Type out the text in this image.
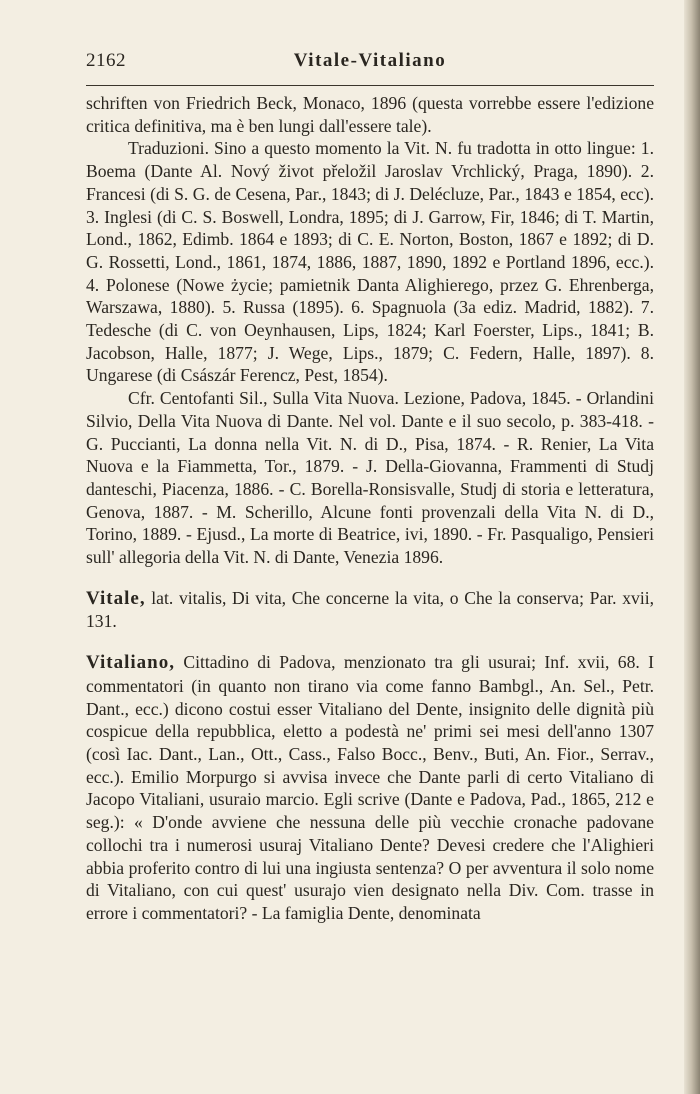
2162	Vitale-Vitaliano

schriften von Friedrich Beck, Monaco, 1896 (questa vorrebbe essere l'edizione critica definitiva, ma è ben lungi dall'essere tale).

Traduzioni. Sino a questo momento la Vit. N. fu tradotta in otto lingue: 1. Boema (Dante Al. Nový život přeložil Jaroslav Vrchlický, Praga, 1890). 2. Francesi (di S. G. de Cesena, Par., 1843; di J. Delécluze, Par., 1843 e 1854, ecc). 3. Inglesi (di C. S. Boswell, Londra, 1895; di J. Garrow, Fir, 1846; di T. Martin, Lond., 1862, Edimb. 1864 e 1893; di C. E. Norton, Boston, 1867 e 1892; di D. G. Rossetti, Lond., 1861, 1874, 1886, 1887, 1890, 1892 e Portland 1896, ecc.). 4. Polonese (Nowe życie; pamietnik Danta Alighierego, przez G. Ehrenberga, Warszawa, 1880). 5. Russa (1895). 6. Spagnuola (3a ediz. Madrid, 1882). 7. Tedesche (di C. von Oeynhausen, Lips, 1824; Karl Foerster, Lips., 1841; B. Jacobson, Halle, 1877; J. Wege, Lips., 1879; C. Federn, Halle, 1897). 8. Ungarese (di Császár Ferencz, Pest, 1854).

Cfr. Centofanti Sil., Sulla Vita Nuova. Lezione, Padova, 1845. - Orlandini Silvio, Della Vita Nuova di Dante. Nel vol. Dante e il suo secolo, p. 383-418. - G. Puccianti, La donna nella Vit. N. di D., Pisa, 1874. - R. Renier, La Vita Nuova e la Fiammetta, Tor., 1879. - J. Della-Giovanna, Frammenti di Studj danteschi, Piacenza, 1886. - C. Borella-Ronsisvalle, Studj di storia e letteratura, Genova, 1887. - M. Scherillo, Alcune fonti provenzali della Vita N. di D., Torino, 1889. - Ejusd., La morte di Beatrice, ivi, 1890. - Fr. Pasqualigo, Pensieri sull' allegoria della Vit. N. di Dante, Venezia 1896.

Vitale, lat. vitalis, Di vita, Che concerne la vita, o Che la conserva; Par. xvii, 131.

Vitaliano, Cittadino di Padova, menzionato tra gli usurai; Inf. xvii, 68. I commentatori (in quanto non tirano via come fanno Bambgl., An. Sel., Petr. Dant., ecc.) dicono costui esser Vitaliano del Dente, insignito delle dignità più cospicue della repubblica, eletto a podestà ne' primi sei mesi dell'anno 1307 (così Iac. Dant., Lan., Ott., Cass., Falso Bocc., Benv., Buti, An. Fior., Serrav., ecc.). Emilio Morpurgo si avvisa invece che Dante parli di certo Vitaliano di Jacopo Vitaliani, usuraio marcio. Egli scrive (Dante e Padova, Pad., 1865, 212 e seg.): « D'onde avviene che nessuna delle più vecchie cronache padovane collochi tra i numerosi usuraj Vitaliano Dente? Devesi credere che l'Alighieri abbia proferito contro di lui una ingiusta sentenza? O per avventura il solo nome di Vitaliano, con cui quest' usurajo vien designato nella Div. Com. trasse in errore i commentatori? - La famiglia Dente, denominata
